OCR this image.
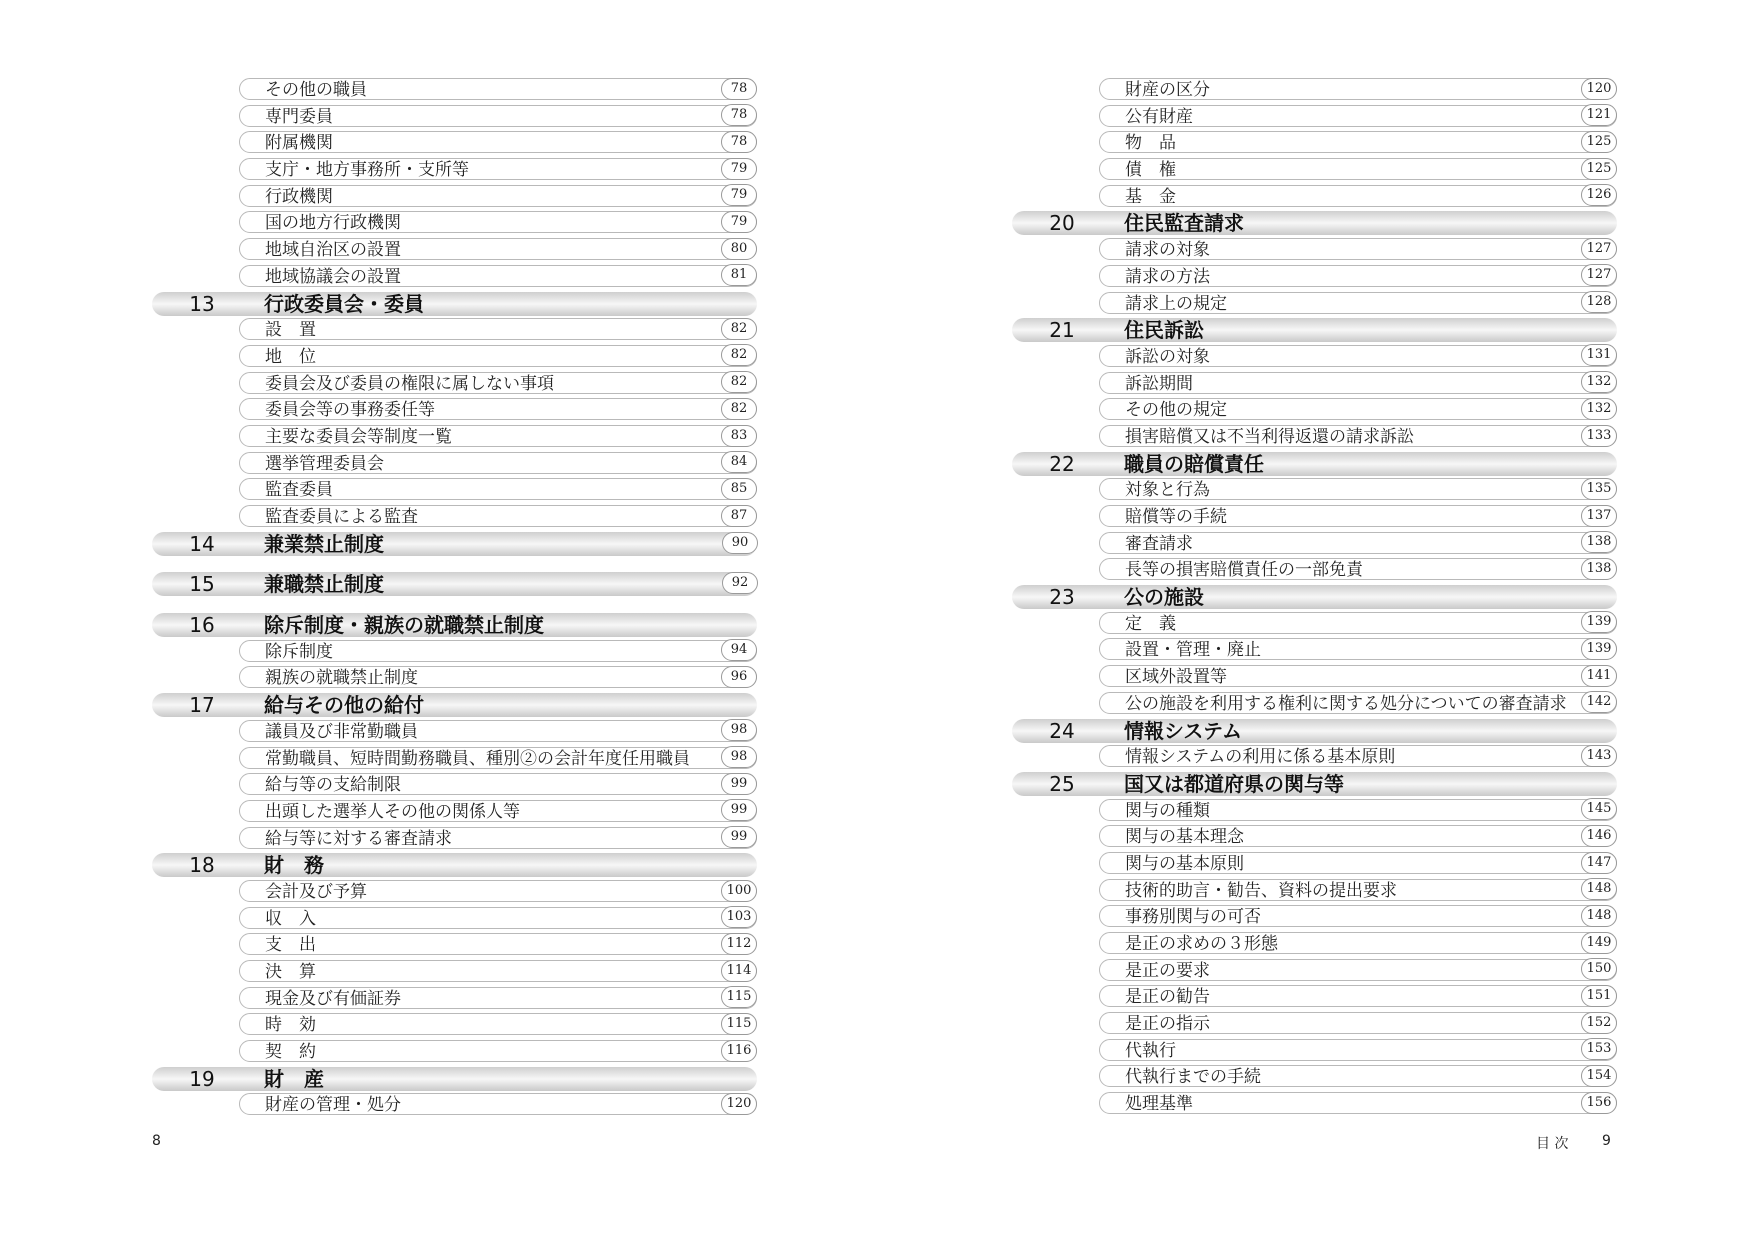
その他の職員	78
専門委員	78
附属機関	78
支庁・地方事務所・支所等	79
行政機関	79
国の地方行政機関	79
地域自治区の設置	80
地域協議会の設置	81
13	行政委員会・委員
設　置	82
地　位	82
委員会及び委員の権限に属しない事項	82
委員会等の事務委任等	82
主要な委員会等制度一覧	83
選挙管理委員会	84
監査委員	85
監査委員による監査	87
14	兼業禁止制度	90
15	兼職禁止制度	92
16	除斥制度・親族の就職禁止制度
除斥制度	94
親族の就職禁止制度	96
17	給与その他の給付
議員及び非常勤職員	98
常勤職員、短時間勤務職員、種別②の会計年度任用職員	98
給与等の支給制限	99
出頭した選挙人その他の関係人等	99
給与等に対する審査請求	99
18	財　務
会計及び予算	100
収　入	103
支　出	112
決　算	114
現金及び有価証券	115
時　効	115
契　約	116
19	財　産
財産の管理・処分	120
財産の区分	120
公有財産	121
物　品	125
債　権	125
基　金	126
20	住民監査請求
請求の対象	127
請求の方法	127
請求上の規定	128
21	住民訴訟
訴訟の対象	131
訴訟期間	132
その他の規定	132
損害賠償又は不当利得返還の請求訴訟	133
22	職員の賠償責任
対象と行為	135
賠償等の手続	137
審査請求	138
長等の損害賠償責任の一部免責	138
23	公の施設
定　義	139
設置・管理・廃止	139
区域外設置等	141
公の施設を利用する権利に関する処分についての審査請求	142
24	情報システム
情報システムの利用に係る基本原則	143
25	国又は都道府県の関与等
関与の種類	145
関与の基本理念	146
関与の基本原則	147
技術的助言・勧告、資料の提出要求	148
事務別関与の可否	148
是正の求めの３形態	149
是正の要求	150
是正の勧告	151
是正の指示	152
代執行	153
代執行までの手続	154
処理基準	156
8	目 次 9
